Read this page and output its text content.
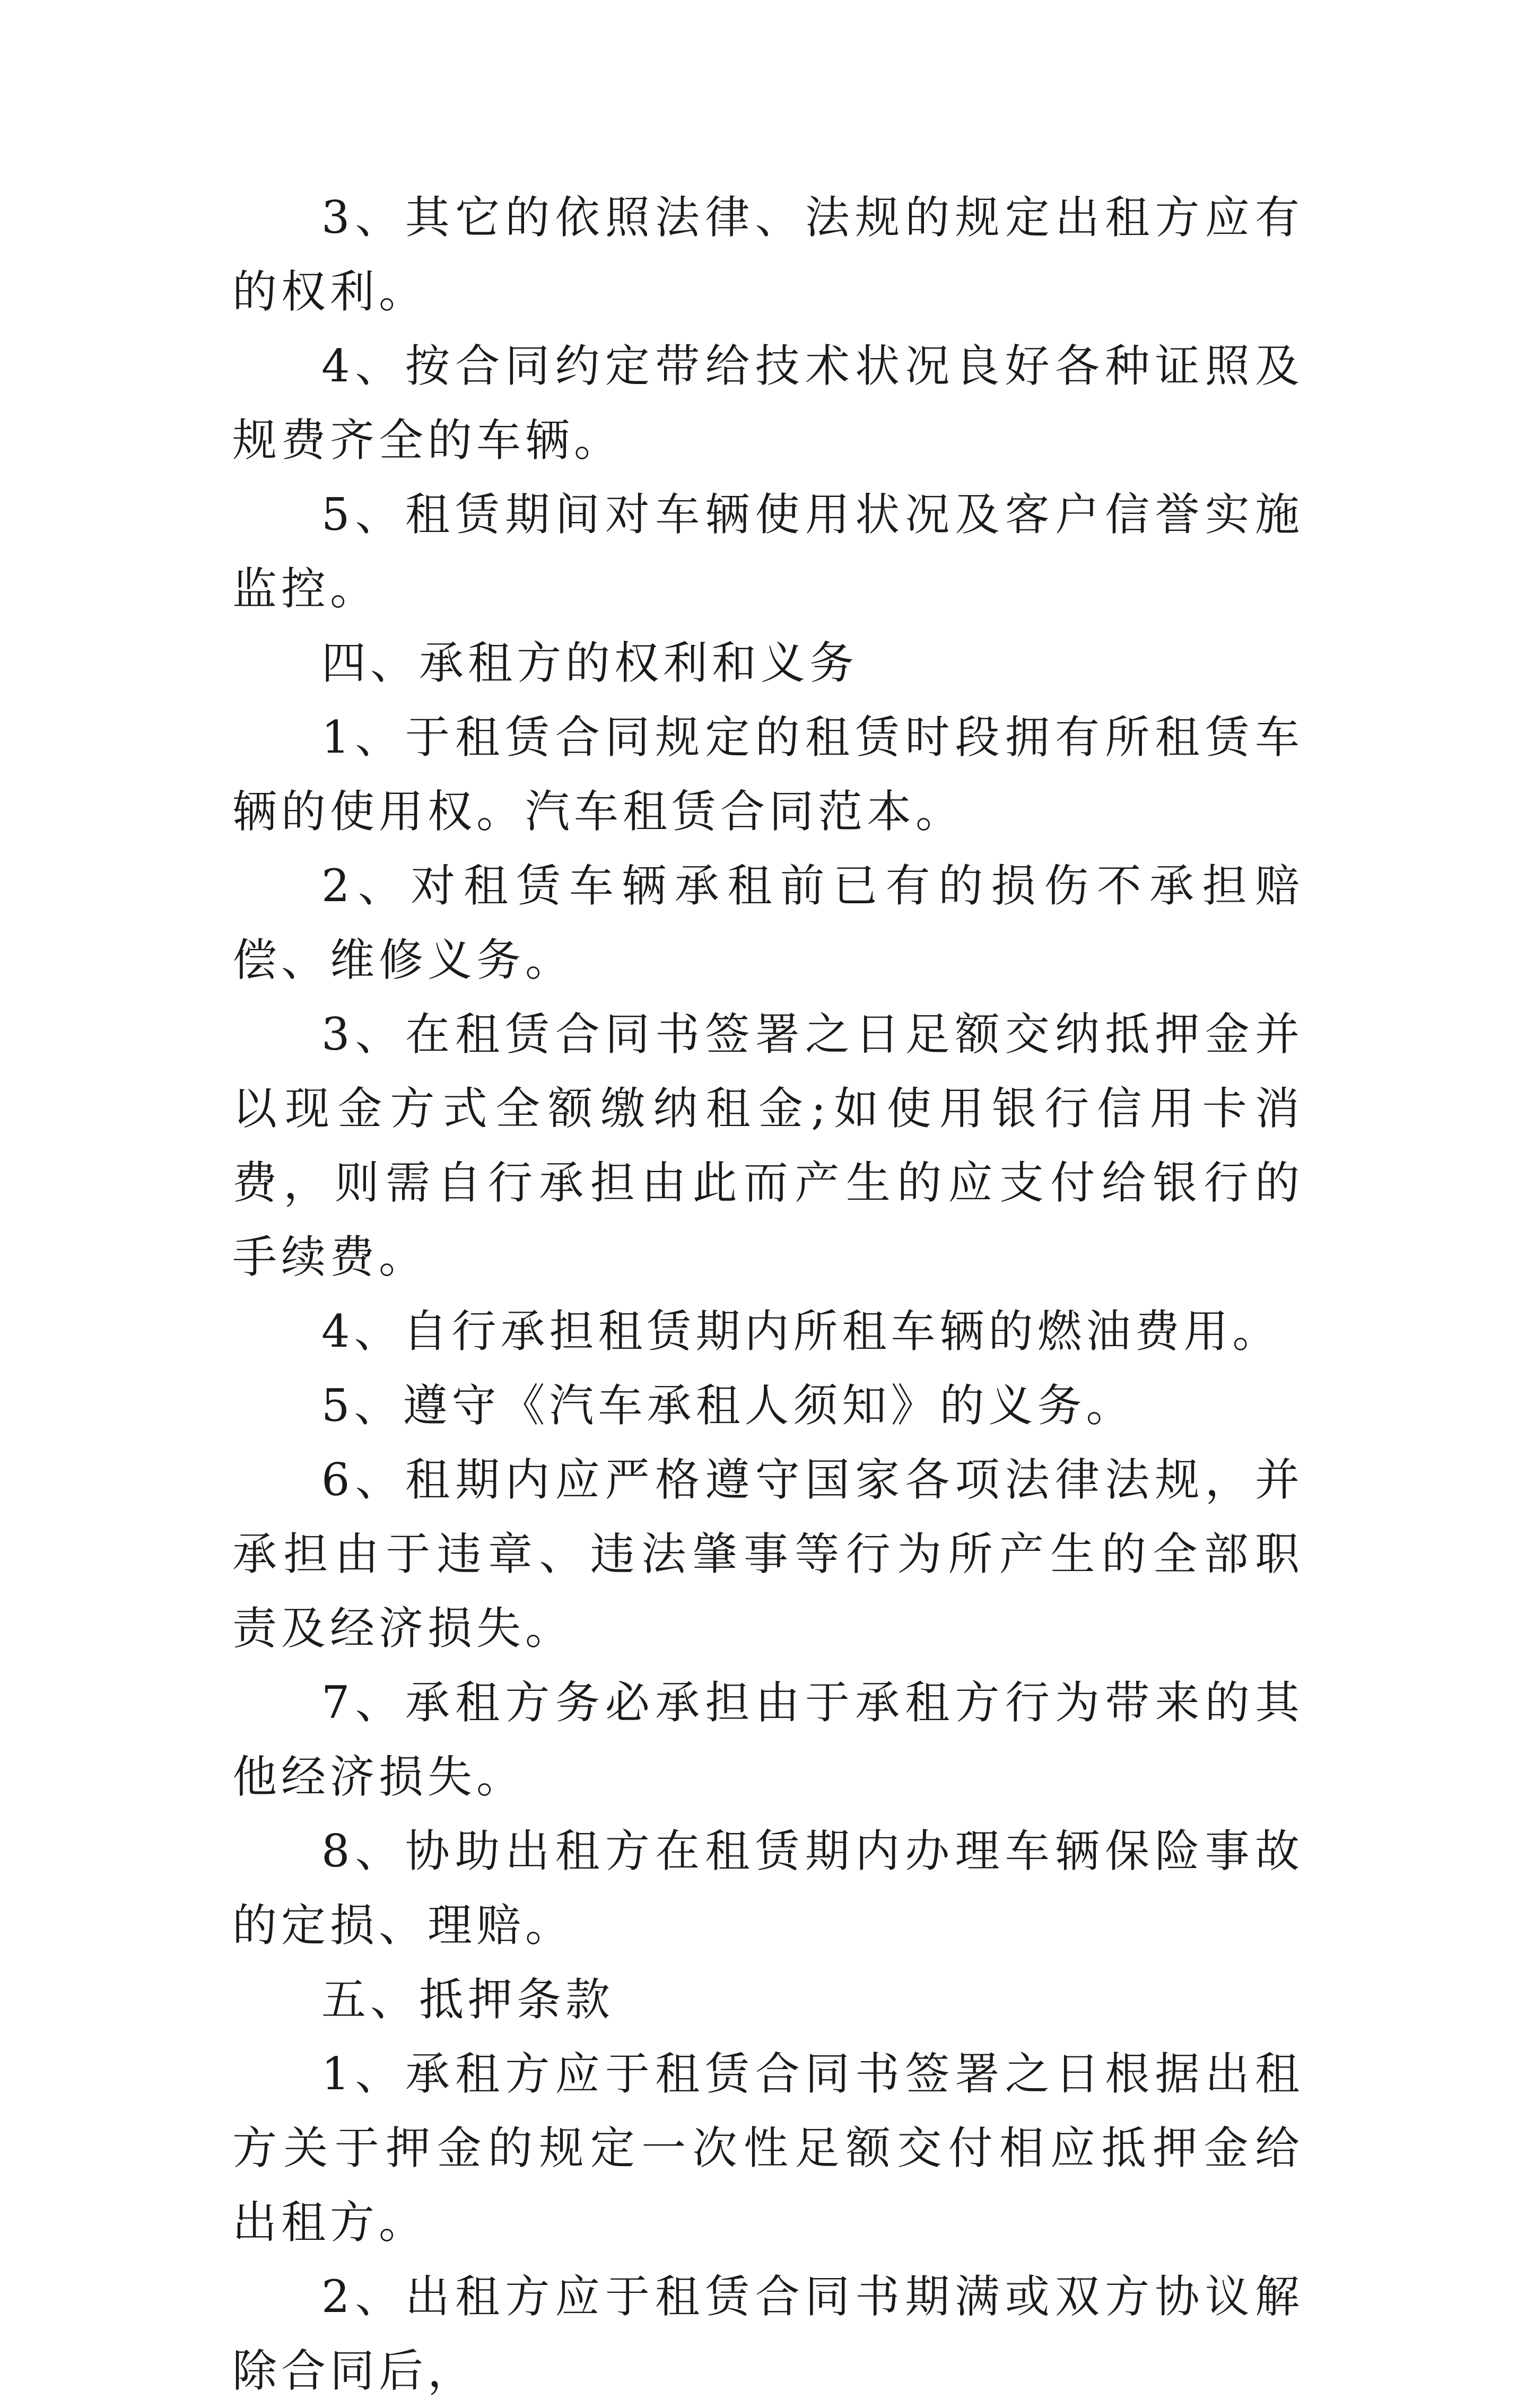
3、其它的依照法律、法规的规定出租方应有的权利。

4、按合同约定带给技术状况良好各种证照及规费齐全的车辆。

5、租赁期间对车辆使用状况及客户信誉实施监控。

四、承租方的权利和义务

1、于租赁合同规定的租赁时段拥有所租赁车辆的使用权。汽车租赁合同范本。

2、对租赁车辆承租前已有的损伤不承担赔偿、维修义务。

3、在租赁合同书签署之日足额交纳抵押金并以现金方式全额缴纳租金;如使用银行信用卡消费，则需自行承担由此而产生的应支付给银行的手续费。

4、自行承担租赁期内所租车辆的燃油费用。

5、遵守《汽车承租人须知》的义务。

6、租期内应严格遵守国家各项法律法规，并承担由于违章、违法肇事等行为所产生的全部职责及经济损失。

7、承租方务必承担由于承租方行为带来的其他经济损失。

8、协助出租方在租赁期内办理车辆保险事故的定损、理赔。

五、抵押条款

1、承租方应于租赁合同书签署之日根据出租方关于押金的规定一次性足额交付相应抵押金给出租方。

2、出租方应于租赁合同书期满或双方协议解除合同后，
